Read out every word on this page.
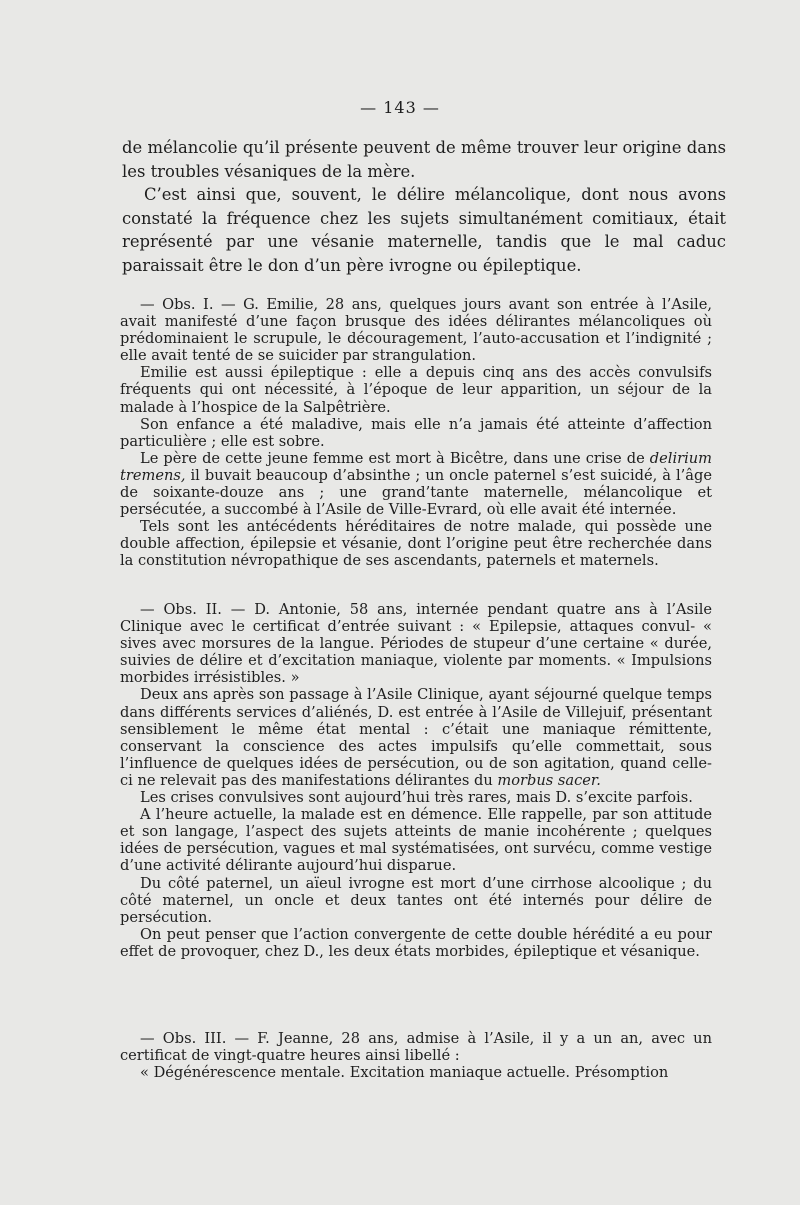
— 143 —

de mélancolie qu’il présente peuvent de même trouver leur origine dans les troubles vésaniques de la mère.

C’est ainsi que, souvent, le délire mélancolique, dont nous avons constaté la fréquence chez les sujets simultanément comitiaux, était représenté par une vésanie maternelle, tandis que le mal caduc paraissait être le don d’un père ivrogne ou épileptique.

— Obs. I. — G. Emilie, 28 ans, quelques jours avant son entrée à l’Asile, avait manifesté d’une façon brusque des idées délirantes mélancoliques où prédominaient le scrupule, le découragement, l’auto-accusation et l’indignité ; elle avait tenté de se suicider par strangulation.

Emilie est aussi épileptique : elle a depuis cinq ans des accès convulsifs fréquents qui ont nécessité, à l’époque de leur apparition, un séjour de la malade à l’hospice de la Salpêtrière.

Son enfance a été maladive, mais elle n’a jamais été atteinte d’affection particulière ; elle est sobre.

Le père de cette jeune femme est mort à Bicêtre, dans une crise de delirium tremens, il buvait beaucoup d’absinthe ; un oncle paternel s’est suicidé, à l’âge de soixante-douze ans ; une grand’tante maternelle, mélancolique et persécutée, a succombé à l’Asile de Ville-Evrard, où elle avait été internée.

Tels sont les antécédents héréditaires de notre malade, qui possède une double affection, épilepsie et vésanie, dont l’origine peut être recherchée dans la constitution névropathique de ses ascendants, paternels et maternels.

— Obs. II. — D. Antonie, 58 ans, internée pendant quatre ans à l’Asile Clinique avec le certificat d’entrée suivant : « Epilepsie, attaques convul- « sives avec morsures de la langue. Périodes de stupeur d’une certaine « durée, suivies de délire et d’excitation maniaque, violente par moments. « Impulsions morbides irrésistibles. »

Deux ans après son passage à l’Asile Clinique, ayant séjourné quelque temps dans différents services d’aliénés, D. est entrée à l’Asile de Villejuif, présentant sensiblement le même état mental : c’était une maniaque rémittente, conservant la conscience des actes impulsifs qu’elle commettait, sous l’influence de quelques idées de persécution, ou de son agitation, quand celle-ci ne relevait pas des manifestations délirantes du morbus sacer.

Les crises convulsives sont aujourd’hui très rares, mais D. s’excite parfois.

A l’heure actuelle, la malade est en démence. Elle rappelle, par son attitude et son langage, l’aspect des sujets atteints de manie incohérente ; quelques idées de persécution, vagues et mal systématisées, ont survécu, comme vestige d’une activité délirante aujourd’hui disparue.

Du côté paternel, un aïeul ivrogne est mort d’une cirrhose alcoolique ; du côté maternel, un oncle et deux tantes ont été internés pour délire de persécution.

On peut penser que l’action convergente de cette double hérédité a eu pour effet de provoquer, chez D., les deux états morbides, épileptique et vésanique.

— Obs. III. — F. Jeanne, 28 ans, admise à l’Asile, il y a un an, avec un certificat de vingt-quatre heures ainsi libellé :

« Dégénérescence mentale. Excitation maniaque actuelle. Présomption
